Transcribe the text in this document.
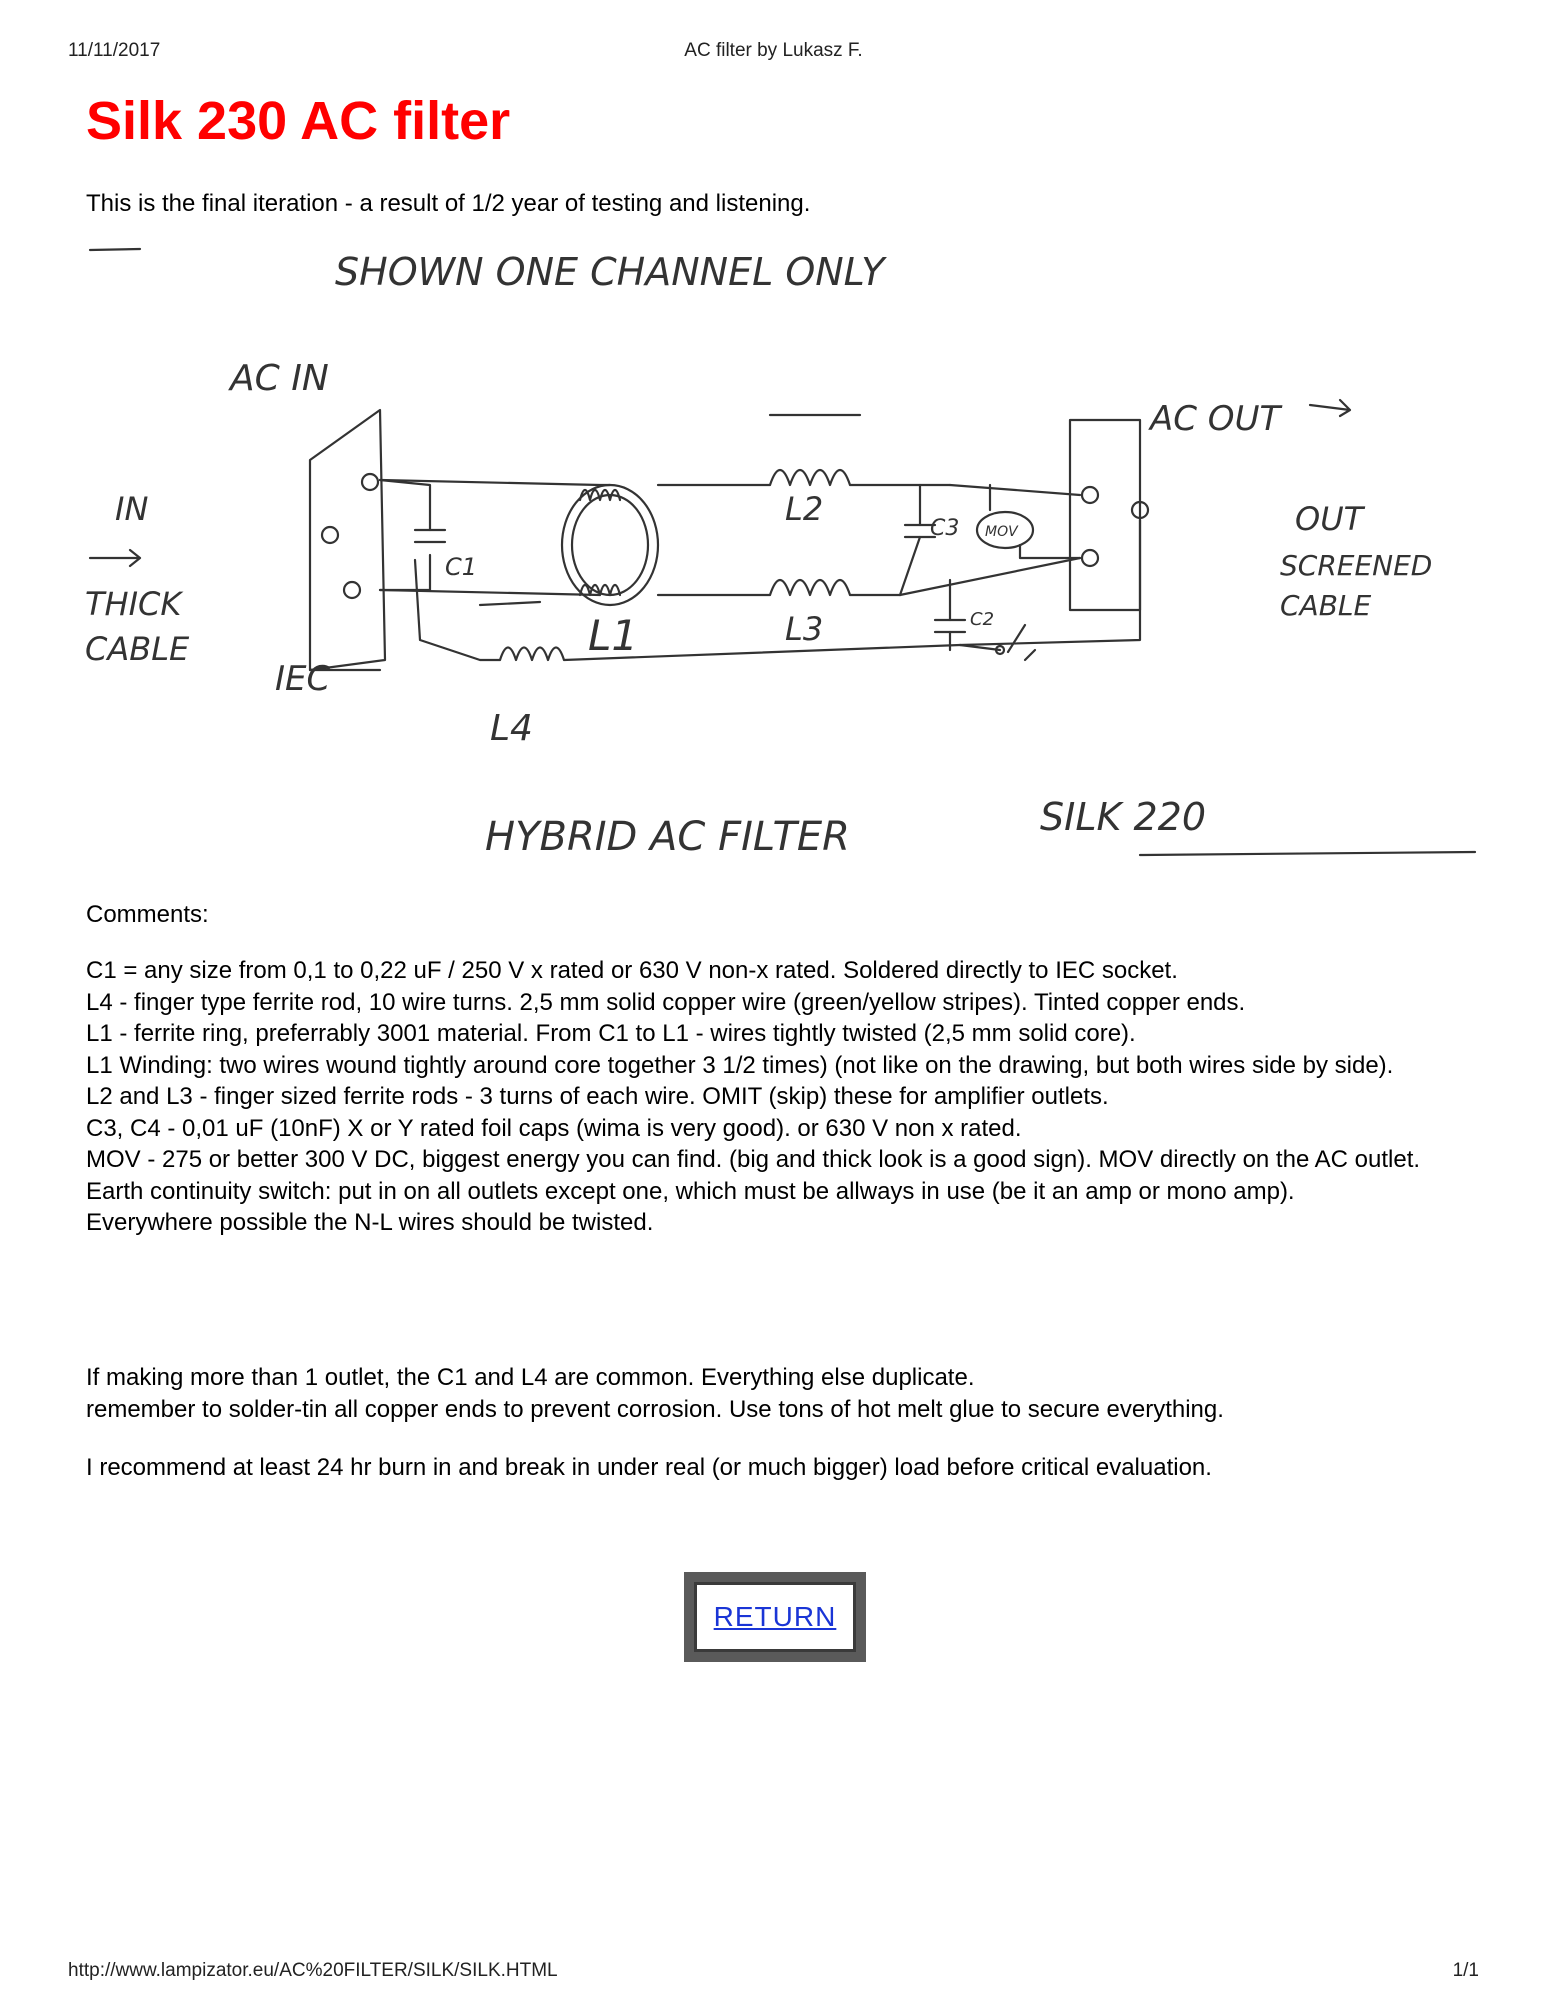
11/11/2017	AC filter by Lukasz F.
Silk 230 AC filter
This is the final iteration - a result of 1/2 year of testing and listening.
SHOWN ONE CHANNEL ONLY
AC IN
AC OUT
IN
THICK
CABLE
IEC
OUT
SCREENED
CABLE
C1
C2
C3
L1
L2
L3
L4
MOV
HYBRID AC FILTER	SILK 220
Comments:

C1 = any size from 0,1 to 0,22 uF / 250 V x rated or 630 V non-x rated. Soldered directly to IEC socket.

L4 - finger type ferrite rod, 10 wire turns. 2,5 mm solid copper wire (green/yellow stripes). Tinted copper ends.

L1 - ferrite ring, preferrably 3001 material. From C1 to L1 - wires tightly twisted (2,5 mm solid core).

L1 Winding: two wires wound tightly around core together 3 1/2 times) (not like on the drawing, but both wires side by side).

L2 and L3 - finger sized ferrite rods - 3 turns of each wire. OMIT (skip) these for amplifier outlets.

C3, C4 - 0,01 uF (10nF) X or Y rated foil caps (wima is very good). or 630 V non x rated.

MOV - 275 or better 300 V DC, biggest energy you can find. (big and thick look is a good sign). MOV directly on the AC outlet.

Earth continuity switch: put in on all outlets except one, which must be allways in use (be it an amp or mono amp).

Everywhere possible the N-L wires should be twisted.

If making more than 1 outlet, the C1 and L4 are common. Everything else duplicate.

remember to solder-tin all copper ends to prevent corrosion. Use tons of hot melt glue to secure everything.

I recommend at least 24 hr burn in and break in under real (or much bigger) load before critical evaluation.

RETURN
http://www.lampizator.eu/AC%20FILTER/SILK/SILK.HTML	1/1
